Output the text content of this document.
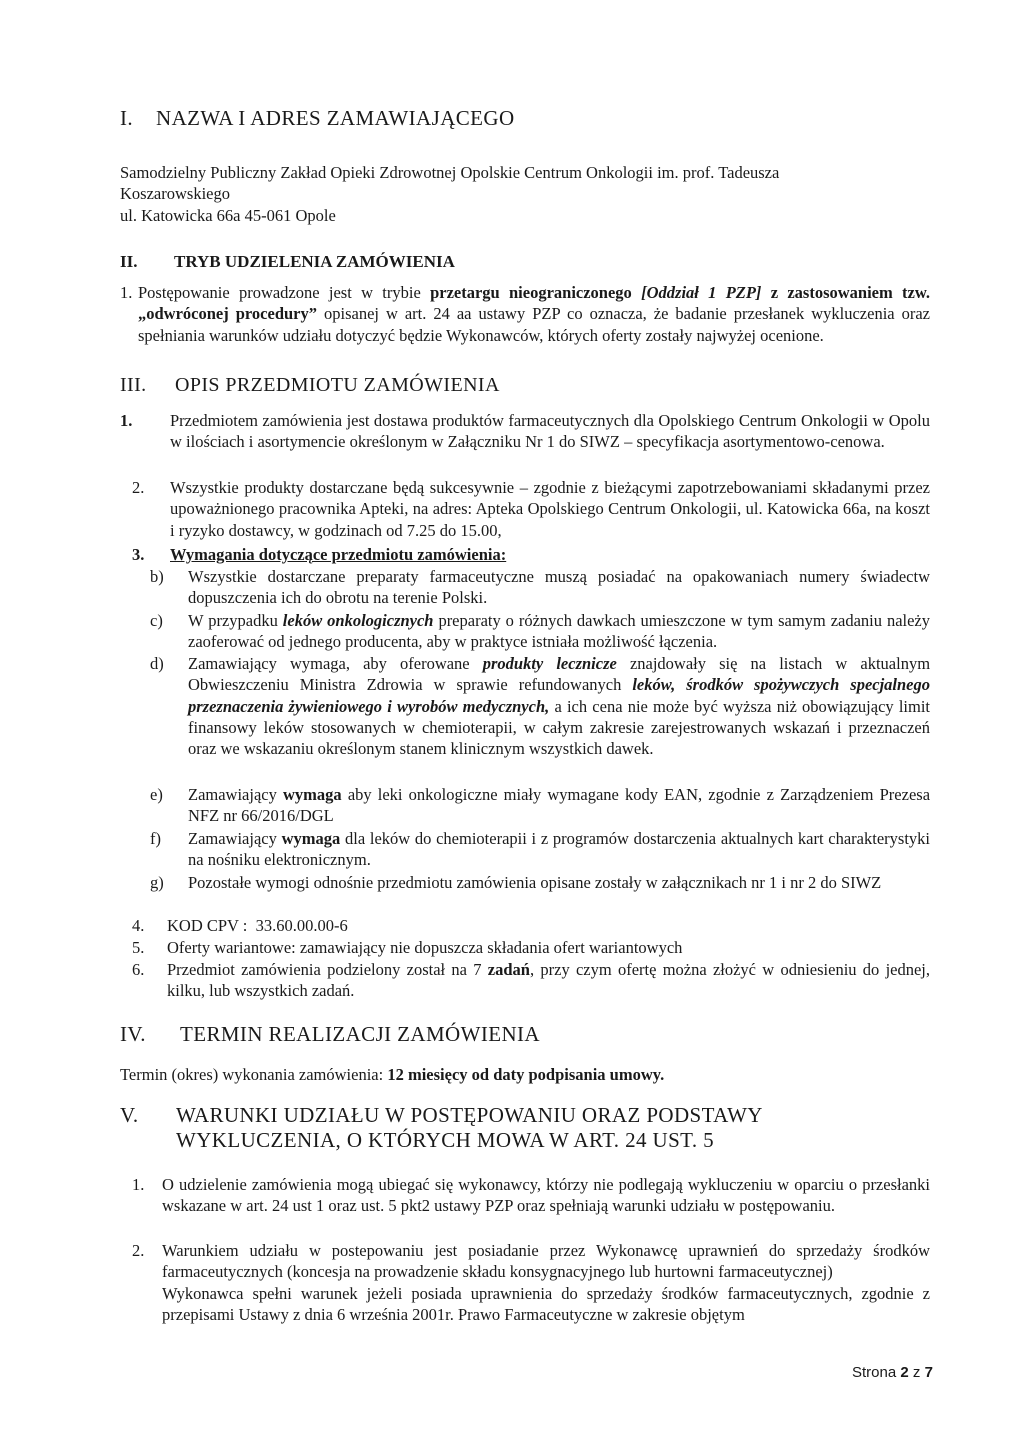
I. NAZWA I ADRES ZAMAWIAJĄCEGO
Samodzielny Publiczny Zakład Opieki Zdrowotnej Opolskie Centrum Onkologii im. prof. Tadeusza
Koszarowskiego
ul. Katowicka 66a 45-061 Opole
II. TRYB UDZIELENIA ZAMÓWIENIA
1. Postępowanie prowadzone jest w trybie przetargu nieograniczonego [Oddział 1 PZP] z zastosowaniem tzw. „odwróconej procedury” opisanej w art. 24 aa ustawy PZP co oznacza, że badanie przesłanek wykluczenia oraz spełniania warunków udziału dotyczyć będzie Wykonawców, których oferty zostały najwyżej ocenione.
III. OPIS PRZEDMIOTU ZAMÓWIENIA
1. Przedmiotem zamówienia jest dostawa produktów farmaceutycznych dla Opolskiego Centrum Onkologii w Opolu w ilościach i asortymencie określonym w Załączniku Nr 1 do SIWZ – specyfikacja asortymentowo-cenowa.
2. Wszystkie produkty dostarczane będą sukcesywnie – zgodnie z bieżącymi zapotrzebowaniami składanymi przez upoważnionego pracownika Apteki, na adres: Apteka Opolskiego Centrum Onkologii, ul. Katowicka 66a, na koszt i ryzyko dostawcy, w godzinach od 7.25 do 15.00,
3. Wymagania dotyczące przedmiotu zamówienia:
b) Wszystkie dostarczane preparaty farmaceutyczne muszą posiadać na opakowaniach numery świadectw dopuszczenia ich do obrotu na terenie Polski.
c) W przypadku leków onkologicznych preparaty o różnych dawkach umieszczone w tym samym zadaniu należy zaoferować od jednego producenta, aby w praktyce istniała możliwość łączenia.
d) Zamawiający wymaga, aby oferowane produkty lecznicze znajdowały się na listach w aktualnym Obwieszczeniu Ministra Zdrowia w sprawie refundowanych leków, środków spożywczych specjalnego przeznaczenia żywieniowego i wyrobów medycznych, a ich cena nie może być wyższa niż obowiązujący limit finansowy leków stosowanych w chemioterapii, w całym zakresie zarejestrowanych wskazań i przeznaczeń oraz we wskazaniu określonym stanem klinicznym wszystkich dawek.
e) Zamawiający wymaga aby leki onkologiczne miały wymagane kody EAN, zgodnie z Zarządzeniem Prezesa NFZ nr 66/2016/DGL
f) Zamawiający wymaga dla leków do chemioterapii i z programów dostarczenia aktualnych kart charakterystyki na nośniku elektronicznym.
g) Pozostałe wymogi odnośnie przedmiotu zamówienia opisane zostały w załącznikach nr 1 i nr 2 do SIWZ
4. KOD CPV :  33.60.00.00-6
5. Oferty wariantowe: zamawiający nie dopuszcza składania ofert wariantowych
6. Przedmiot zamówienia podzielony został na 7 zadań, przy czym ofertę można złożyć w odniesieniu do jednej, kilku, lub wszystkich zadań.
IV. TERMIN REALIZACJI ZAMÓWIENIA
Termin (okres) wykonania zamówienia: 12 miesięcy od daty podpisania umowy.
V. WARUNKI UDZIAŁU W POSTĘPOWANIU ORAZ PODSTAWY
WYKLUCZENIA, O KTÓRYCH MOWA W ART. 24 UST. 5
1. O udzielenie zamówienia mogą ubiegać się wykonawcy, którzy nie podlegają wykluczeniu w oparciu o przesłanki wskazane w art. 24 ust 1 oraz ust. 5 pkt2 ustawy PZP oraz spełniają warunki udziału w postępowaniu.
2. Warunkiem udziału w postepowaniu jest posiadanie przez Wykonawcę uprawnień do sprzedaży środków farmaceutycznych (koncesja na prowadzenie składu konsygnacyjnego lub hurtowni farmaceutycznej)
Wykonawca spełni warunek jeżeli posiada uprawnienia do sprzedaży środków farmaceutycznych, zgodnie z przepisami Ustawy z dnia 6 września 2001r. Prawo Farmaceutyczne w zakresie objętym
Strona 2 z 7
